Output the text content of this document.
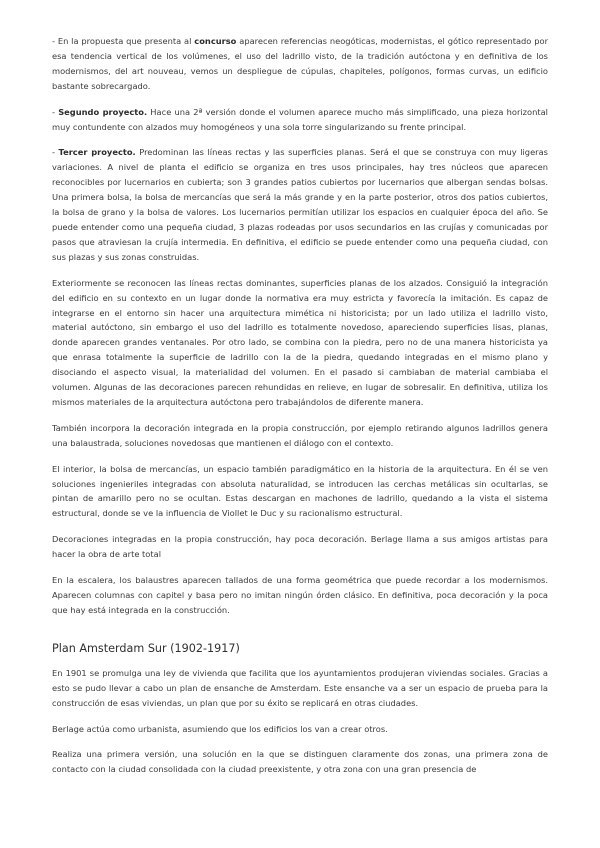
- En la propuesta que presenta al concurso aparecen referencias neogóticas, modernistas, el gótico representado por esa tendencia vertical de los volúmenes, el uso del ladrillo visto, de la tradición autóctona y en definitiva de los modernismos, del art nouveau, vemos un despliegue de cúpulas, chapiteles, polígonos, formas curvas, un edificio bastante sobrecargado.

- Segundo proyecto. Hace una 2ª versión donde el volumen aparece mucho más simplificado, una pieza horizontal muy contundente con alzados muy homogéneos y una sola torre singularizando su frente principal.

- Tercer proyecto. Predominan las líneas rectas y las superficies planas. Será el que se construya con muy ligeras variaciones. A nivel de planta el edificio se organiza en tres usos principales, hay tres núcleos que aparecen reconocibles por lucernarios en cubierta; son 3 grandes patios cubiertos por lucernarios que albergan sendas bolsas. Una primera bolsa, la bolsa de mercancías que será la más grande y en la parte posterior, otros dos patios cubiertos, la bolsa de grano y la bolsa de valores. Los lucernarios permitían utilizar los espacios en cualquier época del año. Se puede entender como una pequeña ciudad, 3 plazas rodeadas por usos secundarios en las crujías y comunicadas por pasos que atraviesan la crujía intermedia. En definitiva, el edificio se puede entender como una pequeña ciudad, con sus plazas y sus zonas construidas.

Exteriormente se reconocen las líneas rectas dominantes, superficies planas de los alzados. Consiguió la integración del edificio en su contexto en un lugar donde la normativa era muy estricta y favorecía la imitación. Es capaz de integrarse en el entorno sin hacer una arquitectura mimética ni historicista; por un lado utiliza el ladrillo visto, material autóctono, sin embargo el uso del ladrillo es totalmente novedoso, apareciendo superficies lisas, planas, donde aparecen grandes ventanales. Por otro lado, se combina con la piedra, pero no de una manera historicista ya que enrasa totalmente la superficie de ladrillo con la de la piedra, quedando integradas en el mismo plano y disociando el aspecto visual, la materialidad del volumen. En el pasado si cambiaban de material cambiaba el volumen. Algunas de las decoraciones parecen rehundidas en relieve, en lugar de sobresalir. En definitiva, utiliza los mismos materiales de la arquitectura autóctona pero trabajándolos de diferente manera.

También incorpora la decoración integrada en la propia construcción, por ejemplo retirando algunos ladrillos genera una balaustrada, soluciones novedosas que mantienen el diálogo con el contexto.

El interior, la bolsa de mercancías, un espacio también paradigmático en la historia de la arquitectura. En él se ven soluciones ingenieriles integradas con absoluta naturalidad, se introducen las cerchas metálicas sin ocultarlas, se pintan de amarillo pero no se ocultan. Estas descargan en machones de ladrillo, quedando a la vista el sistema estructural, donde se ve la influencia de Viollet le Duc y su racionalismo estructural.

Decoraciones integradas en la propia construcción, hay poca decoración. Berlage llama a sus amigos artistas para hacer la obra de arte total

En la escalera, los balaustres aparecen tallados de una forma geométrica que puede recordar a los modernismos. Aparecen columnas con capitel y basa pero no imitan ningún órden clásico. En definitiva, poca decoración y la poca que hay está integrada en la construcción.

Plan Amsterdam Sur (1902-1917)

En 1901 se promulga una ley de vivienda que facilita que los ayuntamientos produjeran viviendas sociales. Gracias a esto se pudo llevar a cabo un plan de ensanche de Amsterdam. Este ensanche va a ser un espacio de prueba para la construcción de esas viviendas, un plan que por su éxito se replicará en otras ciudades.

Berlage actúa como urbanista, asumiendo que los edificios los van a crear otros.

Realiza una primera versión, una solución en la que se distinguen claramente dos zonas, una primera zona de contacto con la ciudad consolidada con la ciudad preexistente, y otra zona con una gran presencia de
